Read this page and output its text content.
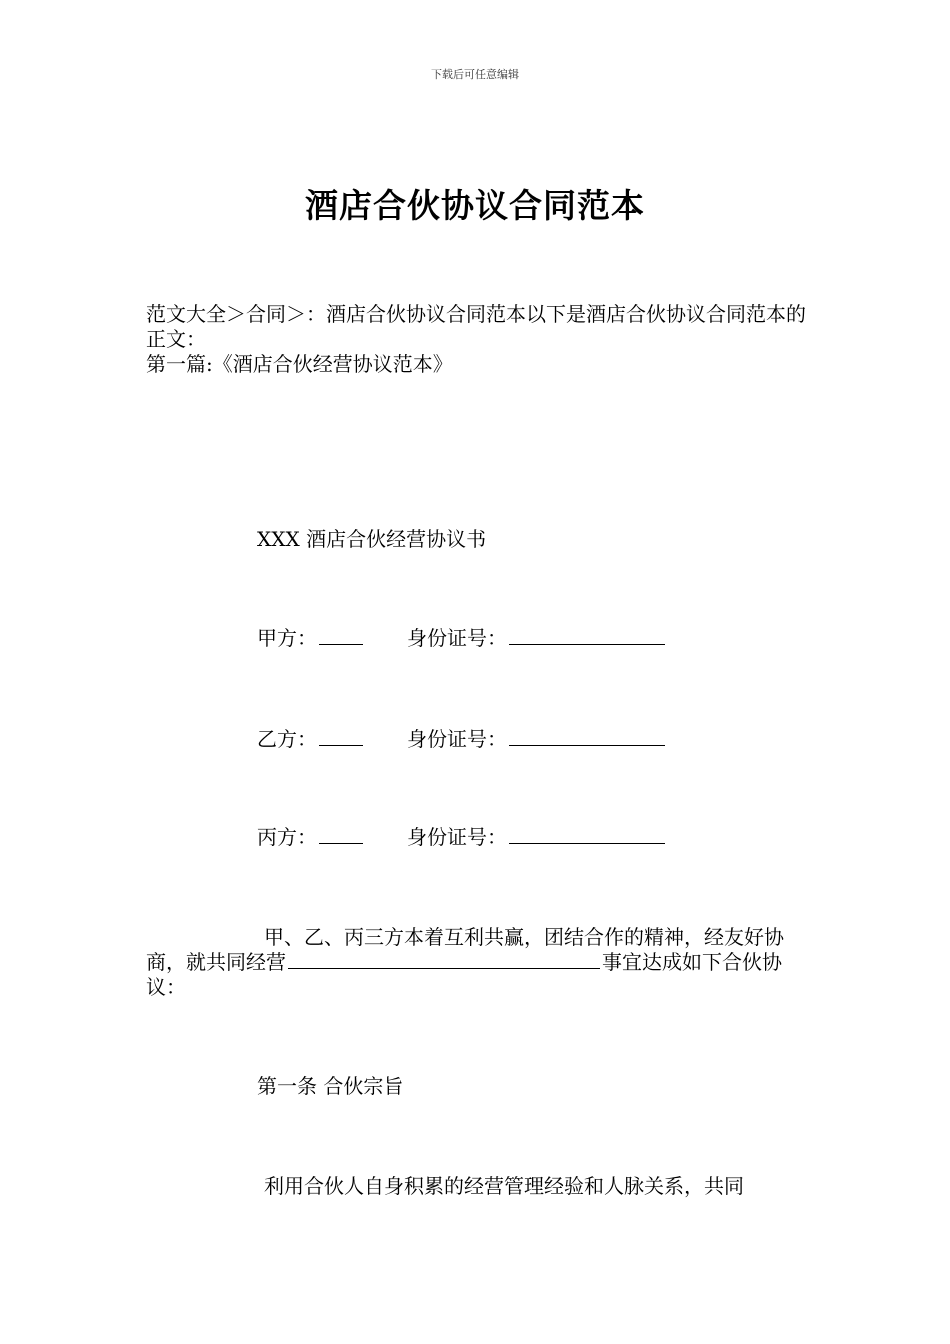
下载后可任意编辑
酒店合伙协议合同范本
范文大全＞合同＞：酒店合伙协议合同范本以下是酒店合伙协议合同范本的正文：
第一篇:《酒店合伙经营协议范本》
XXX 酒店合伙经营协议书
甲方：	身份证号：
乙方：	身份证号：
丙方：	身份证号：
甲、乙、丙三方本着互利共赢，团结合作的精神，经友好协商，就共同经营	事宜达成如下合伙协议：
第一条 合伙宗旨
利用合伙人自身积累的经营管理经验和人脉关系，共同
